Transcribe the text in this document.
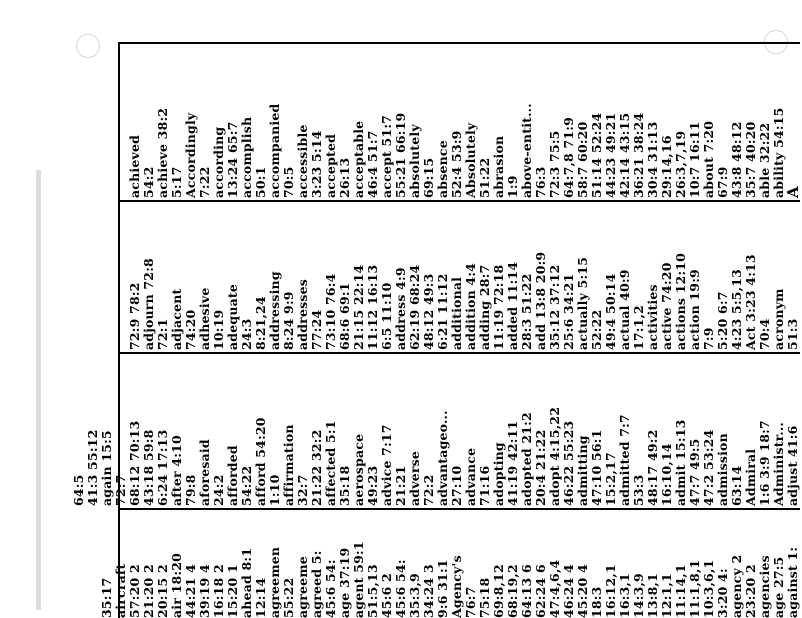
A
ability 54:15
able 32:22
35:7 40:20
43:8 48:12
67:9
about 7:20
10:7 16:11
26:3,7,19
29:14,16
30:4 31:13
36:21 38:24
42:14 43:15
44:23 49:21
51:14 52:24
58:7 60:20
64:7,8 71:9
72:3 75:5
76:3
above-entit...
1:9
abrasion
51:22
Absolutely
52:4 53:9
absence
69:15
absolutely
55:21 66:19
accept 51:7
46:4 51:7
acceptable
26:13
accepted
3:23 5:14
accessible
70:5
accompanied
50:1
accomplish
13:24 65:7
according
7:22
Accordingly
5:17
achieve 38:2
54:2
achieved
51:3
acronym
70:4
Act 3:23 4:13
4:23 5:5,13
5:20 6:7
7:9
action 19:9
actions 12:10
active 74:20
activities
17:1,2
actual 40:9
49:4 50:14
52:22
actually 5:15
25:6 34:21
35:12 37:12
add 13:8 20:9
28:3 51:22
added 11:14
11:19 72:18
adding 28:7
addition 4:4
additional
6:21 11:12
48:12 49:3
62:19 68:24
address 4:9
6:5 11:10
11:12 16:13
21:15 22:14
68:6 69:1
73:10 76:4
77:24
addresses
8:24 9:9
addressing
8:21,24
24:3
adequate
10:19
adhesive
74:20
adjacent
72:1
adjourn 72:8
72:9 78:2
adjust 41:6
Administr...
1:6 3:9 18:7
Admiral
63:14
admission
47:2 53:24
47:7 49:5
admit 15:13
16:10,14
48:17 49:2
53:3
admitted 7:7
15:2,17
47:10 56:1
admitting
46:22 55:23
adopt 4:15,22
20:4 21:22
adopted 21:2
41:19 42:11
adopting
71:16
advance
27:10
advantageo...
72:2
adverse
21:21
advice 7:17
49:23
aerospace
35:18
affected 5:1
21:22 32:2
32:7
affirmation
1:10
afford 54:20
54:22
afforded
24:2
aforesaid
79:8
after 4:10
6:24 17:13
43:18 59:8
68:12 70:13
72:7
again 15:5
41:3 55:12
64:5
against 1:
age 27:5
agencies
23:20 2
agency 2
3:20 4:
10:3,6,1
11:1,8,1
11:14,1
12:1,1
13:8,1
14:3,9
16:3,1
16:12,1
18:3
45:20 4
46:24 4
47:4,6,4
62:24 6
64:13 6
68:19,2
69:8,12
75:18
76:7
Agency's
9:6 31:1
34:24 3
35:3,9
45:6 54:
45:6 2
51:5,13
agent 59:1
age 37:19
45:6 54:
agreed 5:
agreeme
55:22
agreemen
12:14
ahead 8:1
15:20 1
16:18 2
39:19 4
44:21 4
air 18:20
20:15 2
21:20 2
57:20 2
aircraft
35:17
